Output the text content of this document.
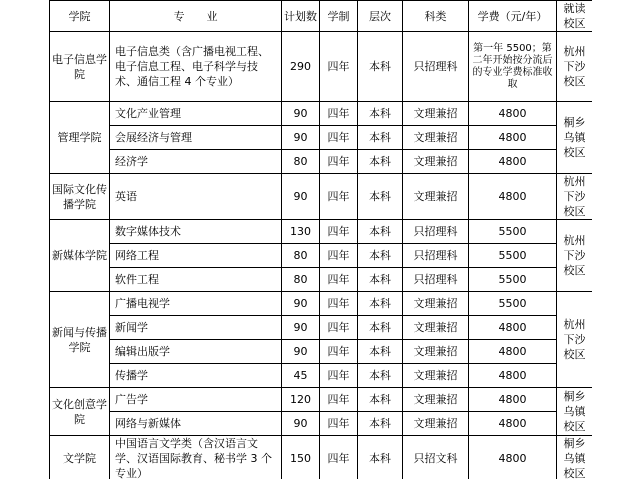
学院	专　　业	计划数	学制	层次	科类	学费（元/年）	就读校区
电子信息学院	电子信息类（含广播电视工程、电子信息工程、电子科学与技术、通信工程 4 个专业）	290	四年	本科	只招理科	第一年 5500；第二年开始按分流后的专业学费标准收取	杭州下沙校区
管理学院	文化产业管理	90	四年	本科	文理兼招	4800	桐乡乌镇校区
	会展经济与管理	90	四年	本科	文理兼招	4800	
	经济学	80	四年	本科	文理兼招	4800	
国际文化传播学院	英语	90	四年	本科	文理兼招	4800	杭州下沙校区
新媒体学院	数字媒体技术	130	四年	本科	只招理科	5500	杭州下沙校区
	网络工程	80	四年	本科	只招理科	5500	
	软件工程	80	四年	本科	只招理科	5500	
新闻与传播学院	广播电视学	90	四年	本科	文理兼招	5500	杭州下沙校区
	新闻学	90	四年	本科	文理兼招	4800	
	编辑出版学	90	四年	本科	文理兼招	4800	
	传播学	45	四年	本科	文理兼招	4800	
文化创意学院	广告学	120	四年	本科	文理兼招	4800	桐乡乌镇校区
	网络与新媒体	90	四年	本科	文理兼招	4800	
文学院	中国语言文学类（含汉语言文学、汉语国际教育、秘书学 3 个专业）	150	四年	本科	只招文科	4800	桐乡乌镇校区
